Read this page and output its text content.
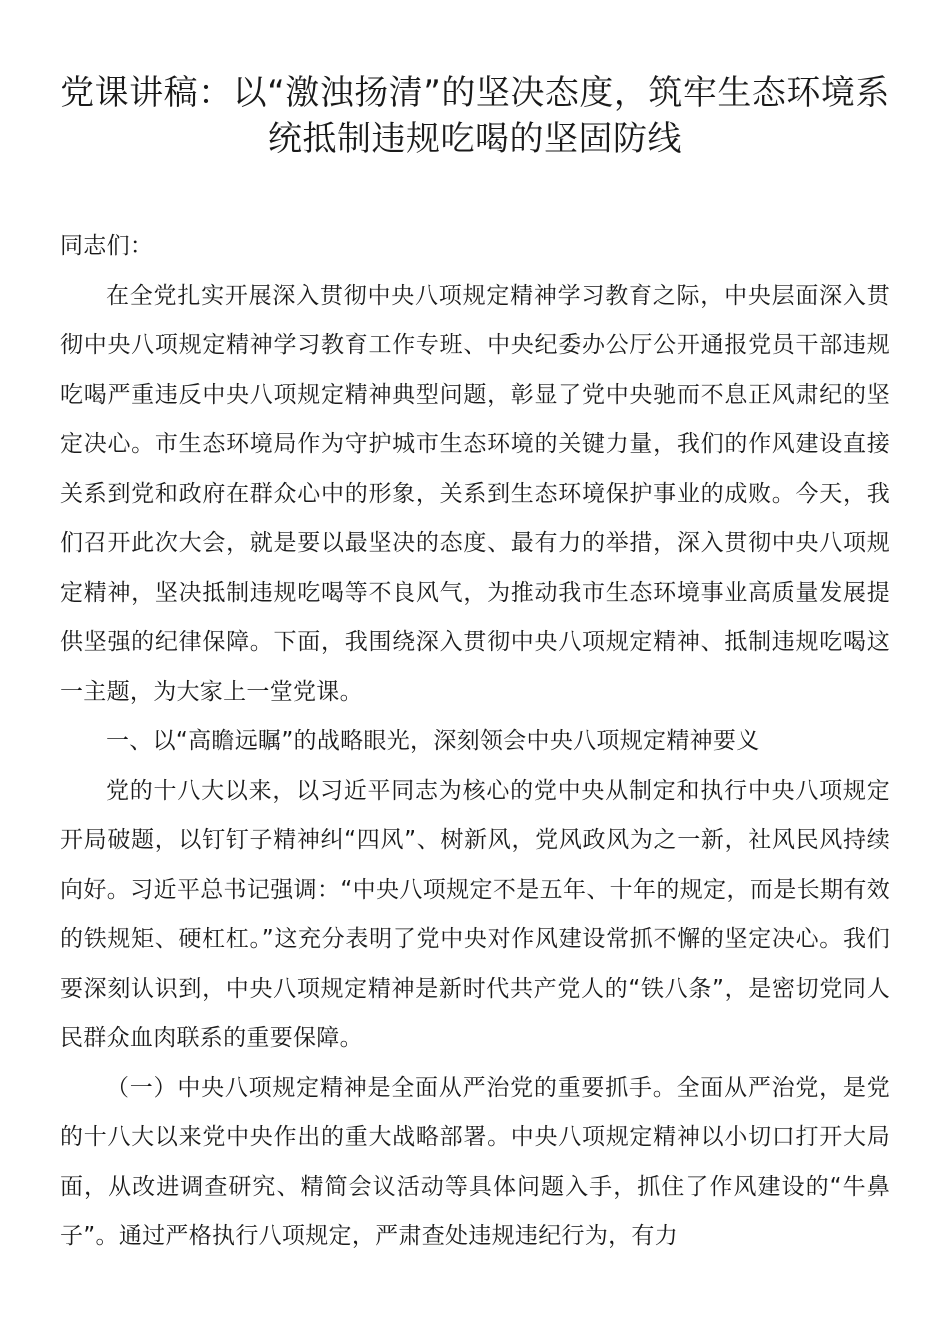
党课讲稿：以“激浊扬清”的坚决态度，筑牢生态环境系统抵制违规吃喝的坚固防线

同志们：

在全党扎实开展深入贯彻中央八项规定精神学习教育之际，中央层面深入贯彻中央八项规定精神学习教育工作专班、中央纪委办公厅公开通报党员干部违规吃喝严重违反中央八项规定精神典型问题，彰显了党中央驰而不息正风肃纪的坚定决心。市生态环境局作为守护城市生态环境的关键力量，我们的作风建设直接关系到党和政府在群众心中的形象，关系到生态环境保护事业的成败。今天，我们召开此次大会，就是要以最坚决的态度、最有力的举措，深入贯彻中央八项规定精神，坚决抵制违规吃喝等不良风气，为推动我市生态环境事业高质量发展提供坚强的纪律保障。下面，我围绕深入贯彻中央八项规定精神、抵制违规吃喝这一主题，为大家上一堂党课。

一、以“高瞻远瞩”的战略眼光，深刻领会中央八项规定精神要义

党的十八大以来，以习近平同志为核心的党中央从制定和执行中央八项规定开局破题，以钉钉子精神纠“四风”、树新风，党风政风为之一新，社风民风持续向好。习近平总书记强调：“中央八项规定不是五年、十年的规定，而是长期有效的铁规矩、硬杠杠。”这充分表明了党中央对作风建设常抓不懈的坚定决心。我们要深刻认识到，中央八项规定精神是新时代共产党人的“铁八条”，是密切党同人民群众血肉联系的重要保障。

（一）中央八项规定精神是全面从严治党的重要抓手。全面从严治党，是党的十八大以来党中央作出的重大战略部署。中央八项规定精神以小切口打开大局面，从改进调查研究、精简会议活动等具体问题入手，抓住了作风建设的“牛鼻子”。通过严格执行八项规定，严肃查处违规违纪行为，有力
